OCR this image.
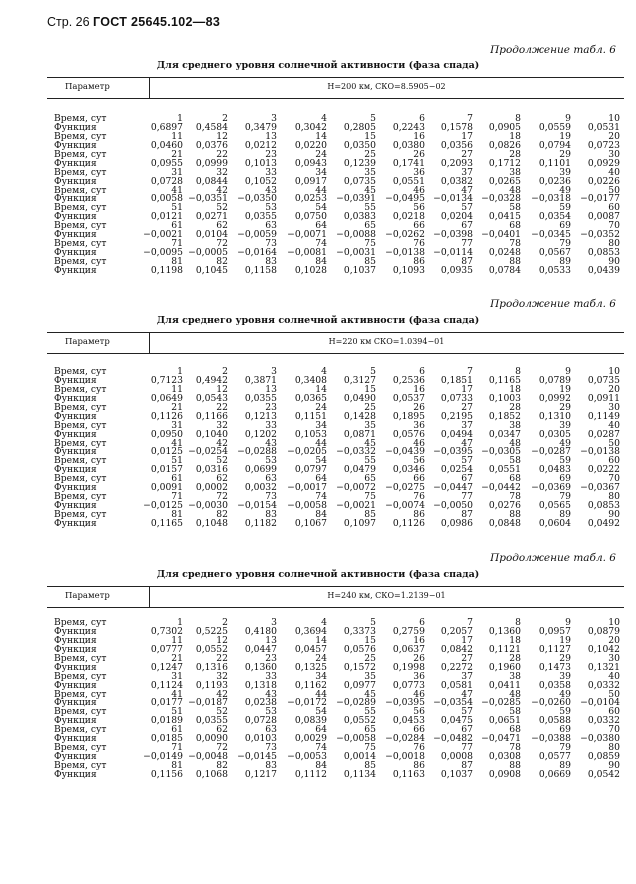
Стр. 26 ГОСТ 25645.102—83
Продолжение табл. 6
Для среднего уровня солнечной активности (фаза спада)
Параметр	H=200 км, СКО=8.5905−02
Время, сут	1	2	3	4	5	6	7	8	9	10
Функция	0,6897	0,4584	0,3479	0,3042	0,2805	0,2243	0,1578	0,0905	0,0559	0,0531
Время, сут	11	12	13	14	15	16	17	18	19	20
Функция	0,0460	0,0376	0,0212	0,0220	0,0350	0,0380	0,0356	0,0826	0,0794	0,0723
Время, сут	21	22	23	24	25	26	27	28	29	30
Функция	0,0955	0,0999	0,1013	0,0943	0,1239	0,1741	0,2093	0,1712	0,1101	0,0929
Время, сут	31	32	33	34	35	36	37	38	39	40
Функция	0,0728	0,0844	0,1052	0,0917	0,0735	0,0551	0,0382	0,0265	0,0236	0,0226
Время, сут	41	42	43	44	45	46	47	48	49	50
Функция	0,0058 −0,0351 −0,0350	0,0253 −0,0391 −0,0495 −0,0134 −0,0328	−0,0318 −0,0177
Время, сут	51	52	53	54	55	56	57	58	59	60
Функция	0,0121	0,0271	0,0355	0,0750	0,0383	0,0218	0,0204	0,0415	0,0354	0,0087
Время, сут	61	62	63	64	65	66	67	68	69	70
Функция	−0,0021	0,0104 −0,0059	−0,0071 −0,0088 −0,0262 −0,0398 −0,0401	−0,0345 −0,0352
Время, сут	71	72	73	74	75	76	77	78	79	80
Функция	−0,0095 −0,0005 −0,0164	−0,0081 −0,0031 −0,0138 −0,0114	0,0248	0,0567	0,0853
Время, сут	81	82	83	84	85	86	87	88	89	90
Функция	0,1198	0,1045	0,1158	0,1028	0,1037	0,1093	0,0935	0,0784	0,0533	0,0439
Продолжение табл. 6
Для среднего уровня солнечной активности (фаза спада)
Параметр	H=220 км СКО=1.0394−01
Время, сут	1	2	3	4	5	6	7	8	9	10
Функция	0,7123	0,4942	0,3871	0,3408	0,3127	0,2536	0,1851	0,1165	0,0789	0,0735
Время, сут	11	12	13	14	15	16	17	18	19	20
Функция	0,0649	0,0543	0,0355	0,0365	0,0490	0,0537	0,0733	0,1003	0,0992	0,0911
Время, сут	21	22	23	24	25	26	27	28	29	30
Функция	0,1126	0,1166	0,1213	0,1151	0,1428	0,1895	0,2195	0,1852	0,1310	0,1149
Время, сут	31	32	33	34	35	36	37	38	39	40
Функция	0,0950	0,1040	0,1202	0,1053	0,0871	0,0576	0,0494	0,0347	0,0305	0,0287
Время, сут	41	42	43	44	45	46	47	48	49	50
Функция	0,0125 −0,0254 −0,0288	−0,0205 −0,0332 −0,0439 −0,0395 −0,0305	−0,0287 −0,0138
Время, сут	51	52	53	54	55	56	57	58	59	60
Функция	0,0157	0,0316	0,0699	0,0797	0,0479	0,0346	0,0254	0,0551	0,0483	0,0222
Время, сут	61	62	63	64	65	66	67	68	69	70
Функция	0,0091	0,0002	0,0032	−0,0017 −0,0072 −0,0275 −0,0447 −0,0442	−0,0369 −0,0367
Время, сут	71	72	73	74	75	76	77	78	79	80
Функция	−0,0125 −0,0030 −0,0154	−0,0058 −0,0021 −0,0074 −0,0050	0,0276	0,0565	0,0853
Время, сут	81	82	83	84	85	86	87	88	89	90
Функция	0,1165	0,1048	0,1182	0,1067	0,1097	0,1126	0,0986	0,0848	0,0604	0,0492
Продолжение табл. 6
Для среднего уровня солнечной активности (фаза спада)
Параметр	H=240 км, СКО=1.2139−01
Время, сут	1	2	3	4	5	6	7	8	9	10
Функция	0,7302	0,5225	0,4180	0,3694	0,3373	0,2759	0,2057	0,1360	0,0957	0,0879
Функция	11	12	13	14	15	16	17	18	19	20
Функция	0,0777	0,0552	0,0447	0,0457	0,0576	0,0637	0,0842	0,1121	0,1127	0,1042
Время, сут	21	22	23	24	25	26	27	28	29	30
Функция	0,1247	0,1316	0,1360	0,1325	0,1572	0,1998	0,2272	0,1960	0,1473	0,1321
Время, сут	31	32	33	34	35	36	37	38	39	40
Функция	0,1124	0,1193	0,1318	0,1162	0,0977	0,0773	0,0581	0,0411	0,0358	0,0332
Время, сут	41	42	43	44	45	46	47	48	49	50
Функция	0,0177 −0,0187	0,0238	−0,0172 −0,0289 −0,0395 −0,0354 −0,0285	−0,0260 −0,0104
Время, сут	51	52	53	54	55	56	57	58	59	60
Функция	0,0189	0,0355	0,0728	0,0839	0,0552	0,0453	0,0475	0,0651	0,0588	0,0332
Время, сут	61	62	63	64	65	66	67	68	69	70
Функция	0,0185	0,0090	0,0103	0,0029 −0,0058 −0,0284 −0,0482 −0,0471	−0,0388 −0,0380
Время, сут	71	72	73	74	75	76	77	78	79	80
Функция	−0,0149 −0,0048 −0,0145	−0,0053	0,0014 −0,0018	0,0008	0,0308	0,0577	0,0859
Время, сут	81	82	83	84	85	86	87	88	89	90
Функция	0,1156	0,1068	0,1217	0,1112	0,1134	0,1163	0,1037	0,0908	0,0669	0,0542
